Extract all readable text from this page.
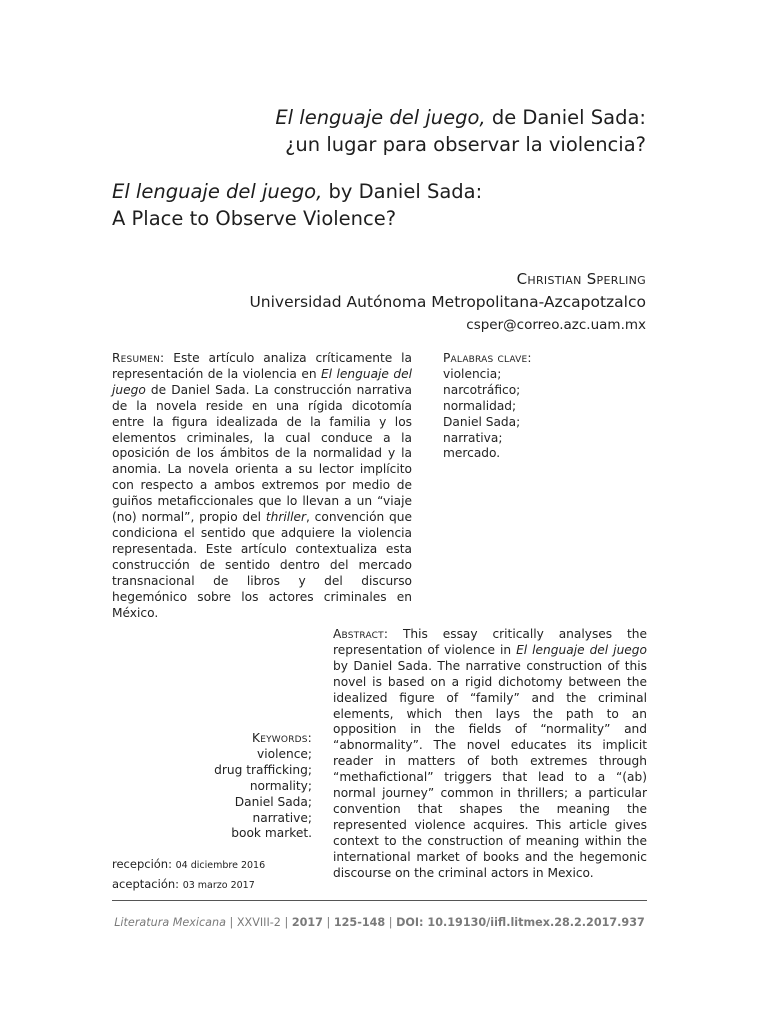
El lenguaje del juego, de Daniel Sada:
¿un lugar para observar la violencia?
El lenguaje del juego, by Daniel Sada:
A Place to Observe Violence?
Christian Sperling
Universidad Autónoma Metropolitana-Azcapotzalco
csper@correo.azc.uam.mx
Resumen: Este artículo analiza críticamente la representación de la violencia en El lenguaje del juego de Daniel Sada. La construcción narrativa de la novela reside en una rígida dicotomía entre la figura idealizada de la familia y los elementos criminales, la cual conduce a la oposición de los ámbitos de la normalidad y la anomia. La novela orienta a su lector implícito con respecto a ambos extremos por medio de guiños metaficcionales que lo llevan a un “viaje (no) normal”, propio del thriller, convención que condiciona el sentido que adquiere la violencia representada. Este artículo contextualiza esta construcción de sentido dentro del mercado transnacional de libros y del discurso hegemónico sobre los actores criminales en México.
Palabras clave:
violencia;
narcotráfico;
normalidad;
Daniel Sada;
narrativa;
mercado.
Abstract: This essay critically analyses the representation of violence in El lenguaje del juego by Daniel Sada. The narrative construction of this novel is based on a rigid dichotomy between the idealized figure of “family” and the criminal elements, which then lays the path to an opposition in the fields of “normality” and “abnormality”. The novel educates its implicit reader in matters of both extremes through “methafictional” triggers that lead to a “(ab) normal journey” common in thrillers; a particular convention that shapes the meaning the represented violence acquires. This article gives context to the construction of meaning within the international market of books and the hegemonic discourse on the criminal actors in Mexico.
Keywords:
violence;
drug trafficking;
normality;
Daniel Sada;
narrative;
book market.
recepción: 04 diciembre 2016
aceptación: 03 marzo 2017
Literatura Mexicana | XXVIII-2 | 2017 | 125-148 | DOI: 10.19130/iifl.litmex.28.2.2017.937
